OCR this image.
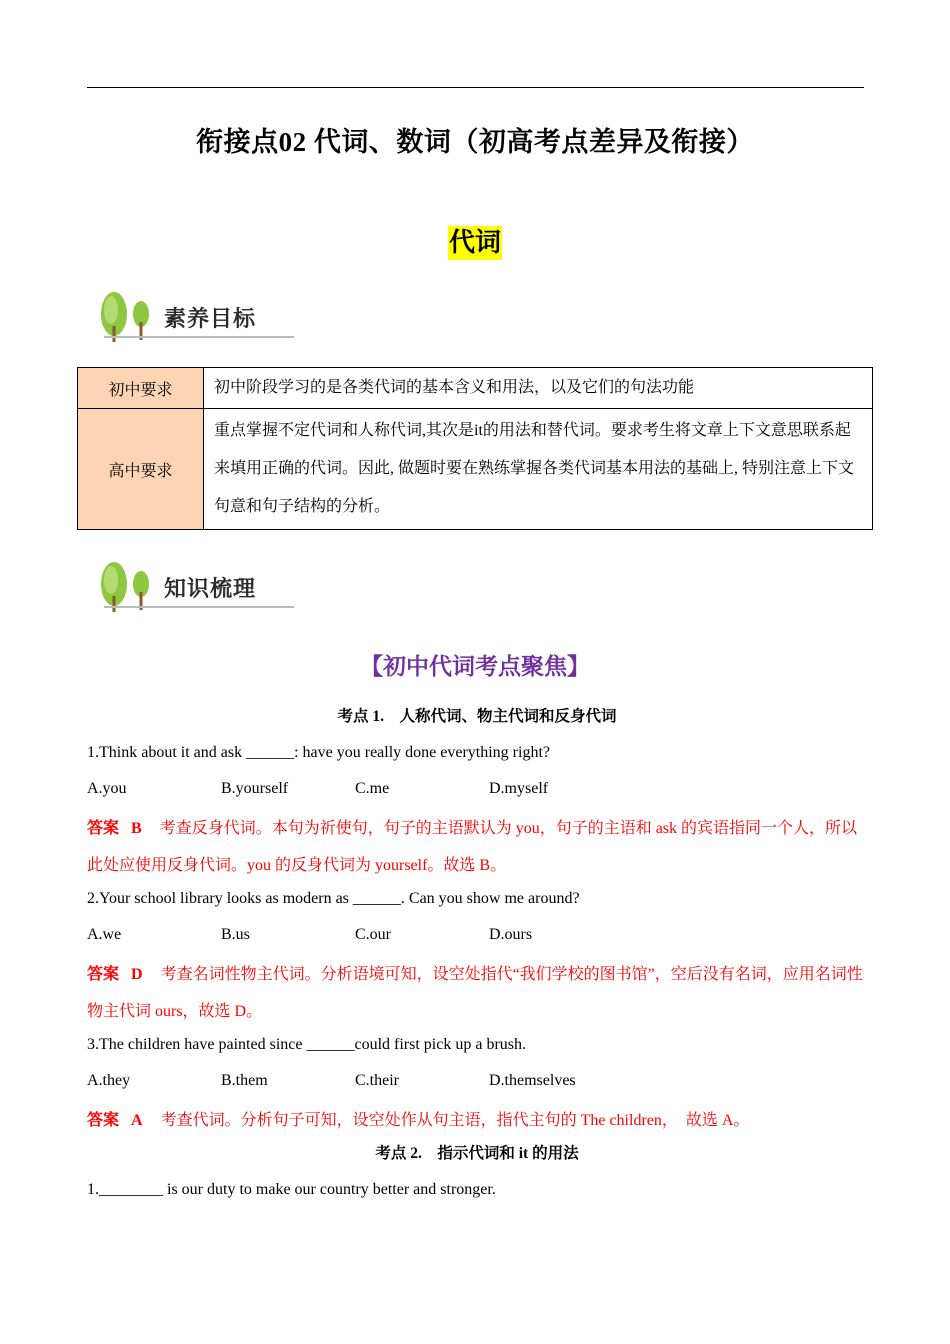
衔接点02 代词、数词（初高考点差异及衔接）
代词
素养目标
初中要求	初中阶段学习的是各类代词的基本含义和用法，以及它们的句法功能
高中要求	重点掌握不定代词和人称代词,其次是it的用法和替代词。要求考生将文章上下文意思联系起来填用正确的代词。因此, 做题时要在熟练掌握各类代词基本用法的基础上, 特别注意上下文句意和句子结构的分析。
知识梳理
【初中代词考点聚焦】
考点 1.　人称代词、物主代词和反身代词
1.Think about it and ask ______: have you really done everything right?
A.you	B.yourself	C.me	D.myself
答案 B 考查反身代词。本句为祈使句，句子的主语默认为 you，句子的主语和 ask 的宾语指同一个人，所以此处应使用反身代词。you 的反身代词为 yourself。故选 B。
2.Your school library looks as modern as ______. Can you show me around?
A.we	B.us	C.our	D.ours
答案 D 考查名词性物主代词。分析语境可知，设空处指代“我们学校的图书馆”，空后没有名词，应用名词性物主代词 ours，故选 D。
3.The children have painted since ______could first pick up a brush.
A.they	B.them	C.their	D.themselves
答案 A 考查代词。分析句子可知，设空处作从句主语，指代主句的 The children，　故选 A。
考点 2.　指示代词和 it 的用法
1.________ is our duty to make our country better and stronger.
